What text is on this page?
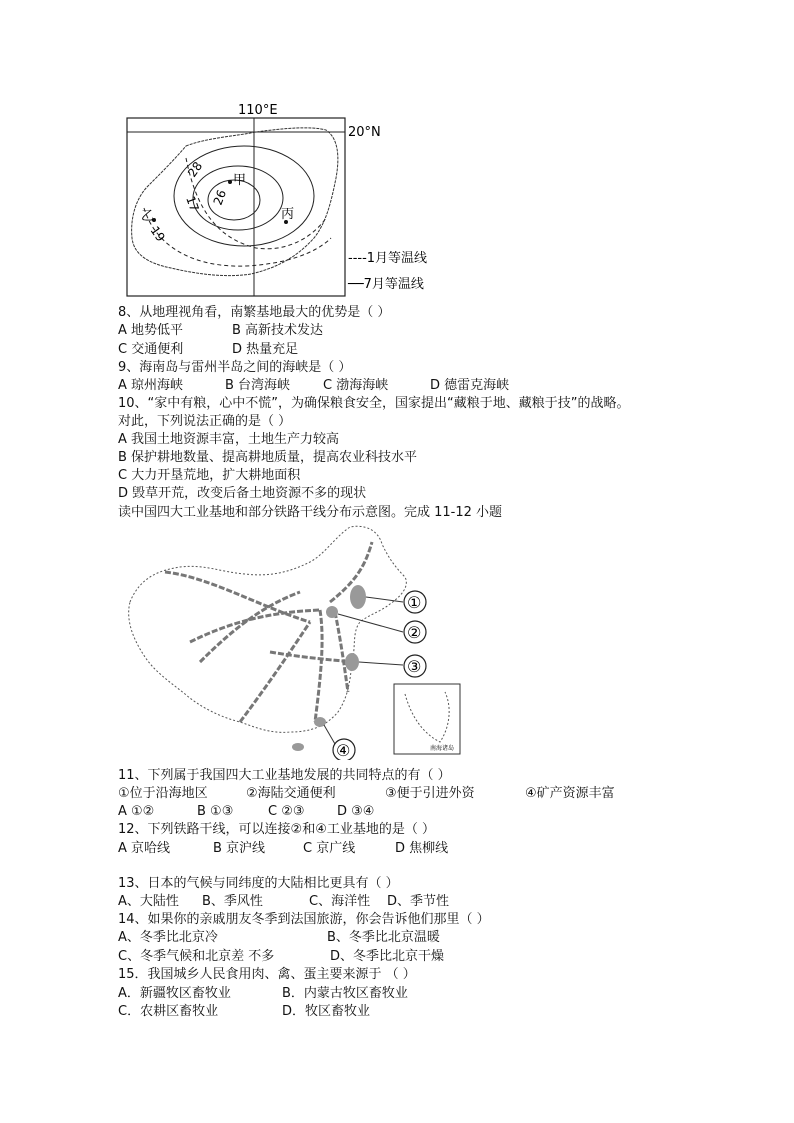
110°E
20°N
28
17 26
19
甲
乙	丙
----1月等温线
──7月等温线
8、从地理视角看，南繁基地最大的优势是（ ）
A 地势低平	B 高新技术发达
C 交通便利	D 热量充足
9、海南岛与雷州半岛之间的海峡是（ ）
A 琼州海峡	B 台湾海峡	C 渤海海峡	D 德雷克海峡
10、“家中有粮，心中不慌”，为确保粮食安全，国家提出“藏粮于地、藏粮于技”的战略。
对此，下列说法正确的是（ ）
A 我国土地资源丰富，土地生产力较高
B 保护耕地数量、提高耕地质量，提高农业科技水平
C 大力开垦荒地，扩大耕地面积
D 毁草开荒，改变后备土地资源不多的现状
读中国四大工业基地和部分铁路干线分布示意图。完成 11-12 小题
①
②
③
④	南海诸岛
11、下列属于我国四大工业基地发展的共同特点的有（ ）
①位于沿海地区	②海陆交通便利	③便于引进外资	④矿产资源丰富
A ①②	B ①③	C ②③ D ③④
12、下列铁路干线，可以连接②和④工业基地的是（ ）
A 京哈线	B 京沪线	C 京广线	D 焦柳线
13、日本的气候与同纬度的大陆相比更具有（ ）
A、大陆性 B、季风性	C、海洋性 D、季节性
14、如果你的亲戚朋友冬季到法国旅游，你会告诉他们那里（ ）
A、冬季比北京冷	B、冬季比北京温暖
C、冬季气候和北京差 不多	D、冬季比北京干燥
15．我国城乡人民食用肉、禽、蛋主要来源于 （ ）
A．新疆牧区畜牧业	B．内蒙古牧区畜牧业
C．农耕区畜牧业	D．牧区畜牧业
